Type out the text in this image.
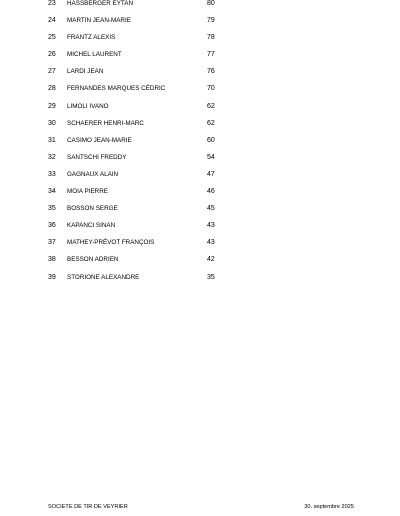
23	HASSBERGER EYTAN	80
24	MARTIN JEAN-MARIE	79
25	FRANTZ ALEXIS	78
26	MICHEL LAURENT	77
27	LARDI JEAN	76
28	FERNANDES MARQUES CÉDRIC	70
29	LIMOLI IVANO	62
30	SCHAERER HENRI-MARC	62
31	CASIMO JEAN-MARIE	60
32	SANTSCHI FREDDY	54
33	GAGNAUX ALAIN	47
34	MOIA PIERRE	46
35	BOSSON SERGE	45
36	KAPANCI SINAN	43
37	MATHEY-PRÉVOT FRANÇOIS	43
38	BESSON ADRIEN	42
39	STORIONE ALEXANDRE	35
SOCIETE DE TIR DE VEYRIER	30. septembre 2025
